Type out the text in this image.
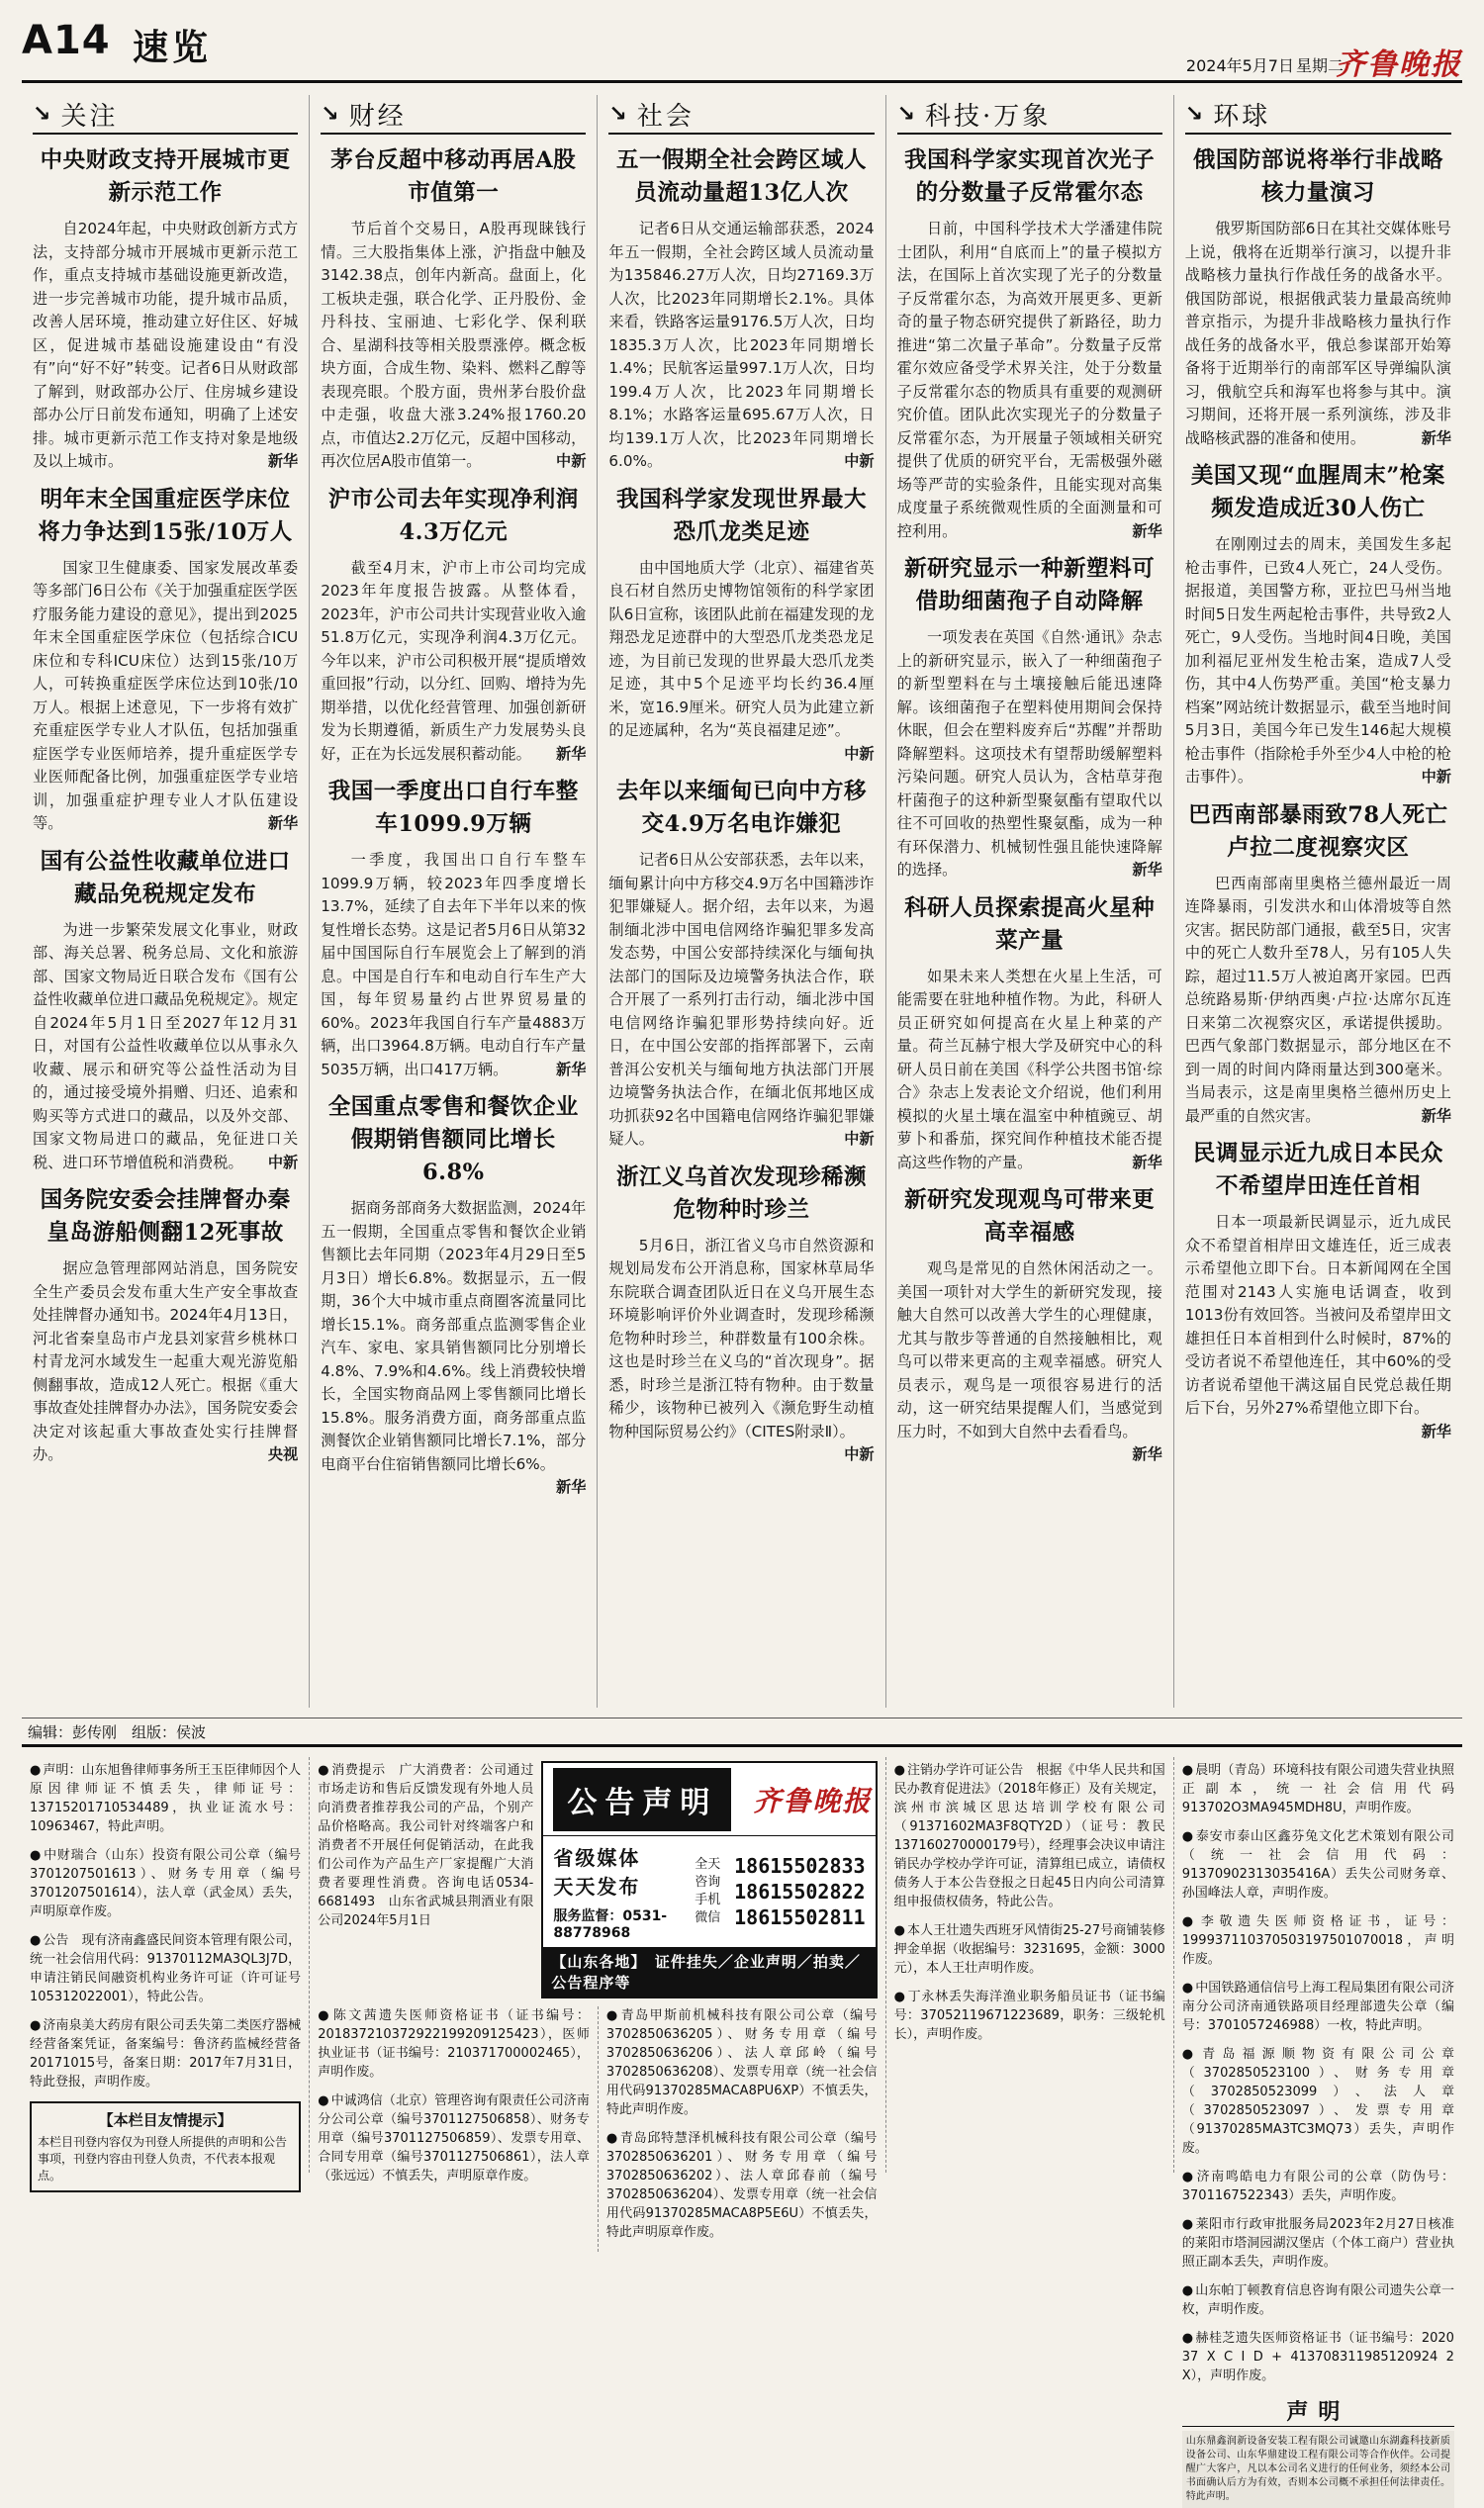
A14 速览	2024年5月7日 星期二
齐鲁晚报
↘ 关注
中央财政支持开展城市更新示范工作
自2024年起，中央财政创新方式方法，支持部分城市开展城市更新示范工作，重点支持城市基础设施更新改造，进一步完善城市功能，提升城市品质，改善人居环境，推动建立好住区、好城区，促进城市基础设施建设由“有没有”向“好不好”转变。记者6日从财政部了解到，财政部办公厅、住房城乡建设部办公厅日前发布通知，明确了上述安排。城市更新示范工作支持对象是地级及以上城市。	新华
明年末全国重症医学床位将力争达到15张/10万人
国家卫生健康委、国家发展改革委等多部门6日公布《关于加强重症医学医疗服务能力建设的意见》，提出到2025年末全国重症医学床位（包括综合ICU床位和专科ICU床位）达到15张/10万人，可转换重症医学床位达到10张/10万人。根据上述意见，下一步将有效扩充重症医学专业人才队伍，包括加强重症医学专业医师培养，提升重症医学专业医师配备比例，加强重症医学专业培训，加强重症护理专业人才队伍建设等。	新华
国有公益性收藏单位进口藏品免税规定发布
为进一步繁荣发展文化事业，财政部、海关总署、税务总局、文化和旅游部、国家文物局近日联合发布《国有公益性收藏单位进口藏品免税规定》。规定自2024年5月1日至2027年12月31日，对国有公益性收藏单位以从事永久收藏、展示和研究等公益性活动为目的，通过接受境外捐赠、归还、追索和购买等方式进口的藏品，以及外交部、国家文物局进口的藏品，免征进口关税、进口环节增值税和消费税。 中新
国务院安委会挂牌督办秦皇岛游船侧翻12死事故
据应急管理部网站消息，国务院安全生产委员会发布重大生产安全事故查处挂牌督办通知书。2024年4月13日，河北省秦皇岛市卢龙县刘家营乡桃林口村青龙河水域发生一起重大观光游览船侧翻事故，造成12人死亡。根据《重大事故查处挂牌督办办法》，国务院安委会决定对该起重大事故查处实行挂牌督办。	央视
↘ 财经
茅台反超中移动再居A股市值第一
节后首个交易日，A股再现睐钱行情。三大股指集体上涨，沪指盘中触及3142.38点，创年内新高。盘面上，化工板块走强，联合化学、正丹股份、金丹科技、宝丽迪、七彩化学、保利联合、星湖科技等相关股票涨停。概念板块方面，合成生物、染料、燃料乙醇等表现亮眼。个股方面，贵州茅台股价盘中走强，收盘大涨3.24%报1760.20点，市值达2.2万亿元，反超中国移动，再次位居A股市值第一。	中新
沪市公司去年实现净利润4.3万亿元
截至4月末，沪市上市公司均完成2023年年度报告披露。从整体看，2023年，沪市公司共计实现营业收入逾51.8万亿元，实现净利润4.3万亿元。今年以来，沪市公司积极开展“提质增效重回报”行动，以分红、回购、增持为先期举措，以优化经营管理、加强创新研发为长期遵循，新质生产力发展势头良好，正在为长远发展积蓄动能。 新华
我国一季度出口自行车整车1099.9万辆
一季度，我国出口自行车整车1099.9万辆，较2023年四季度增长13.7%，延续了自去年下半年以来的恢复性增长态势。这是记者5月6日从第32届中国国际自行车展览会上了解到的消息。中国是自行车和电动自行车生产大国，每年贸易量约占世界贸易量的60%。2023年我国自行车产量4883万辆，出口3964.8万辆。电动自行车产量5035万辆，出口417万辆。	新华
全国重点零售和餐饮企业假期销售额同比增长6.8%
据商务部商务大数据监测，2024年五一假期，全国重点零售和餐饮企业销售额比去年同期（2023年4月29日至5月3日）增长6.8%。数据显示，五一假期，36个大中城市重点商圈客流量同比增长15.1%。商务部重点监测零售企业汽车、家电、家具销售额同比分别增长4.8%、7.9%和4.6%。线上消费较快增长，全国实物商品网上零售额同比增长15.8%。服务消费方面，商务部重点监测餐饮企业销售额同比增长7.1%，部分电商平台住宿销售额同比增长6%。
新华
↘ 社会
五一假期全社会跨区域人员流动量超13亿人次
记者6日从交通运输部获悉，2024年五一假期，全社会跨区域人员流动量为135846.27万人次，日均27169.3万人次，比2023年同期增长2.1%。具体来看，铁路客运量9176.5万人次，日均1835.3万人次，比2023年同期增长1.4%；民航客运量997.1万人次，日均199.4万人次，比2023年同期增长8.1%；水路客运量695.67万人次，日均139.1万人次，比2023年同期增长6.0%。	中新
我国科学家发现世界最大恐爪龙类足迹
由中国地质大学（北京）、福建省英良石材自然历史博物馆领衔的科学家团队6日宣称，该团队此前在福建发现的龙翔恐龙足迹群中的大型恐爪龙类恐龙足迹，为目前已发现的世界最大恐爪龙类足迹，其中5个足迹平均长约36.4厘米，宽16.9厘米。研究人员为此建立新的足迹属种，名为“英良福建足迹”。
中新
去年以来缅甸已向中方移交4.9万名电诈嫌犯
记者6日从公安部获悉，去年以来，缅甸累计向中方移交4.9万名中国籍涉诈犯罪嫌疑人。据介绍，去年以来，为遏制缅北涉中国电信网络诈骗犯罪多发高发态势，中国公安部持续深化与缅甸执法部门的国际及边境警务执法合作，联合开展了一系列打击行动，缅北涉中国电信网络诈骗犯罪形势持续向好。近日，在中国公安部的指挥部署下，云南普洱公安机关与缅甸地方执法部门开展边境警务执法合作，在缅北佤邦地区成功抓获92名中国籍电信网络诈骗犯罪嫌疑人。	中新
浙江义乌首次发现珍稀濒危物种时珍兰
5月6日，浙江省义乌市自然资源和规划局发布公开消息称，国家林草局华东院联合调查团队近日在义乌开展生态环境影响评价外业调查时，发现珍稀濒危物种时珍兰，种群数量有100余株。这也是时珍兰在义乌的“首次现身”。据悉，时珍兰是浙江特有物种。由于数量稀少，该物种已被列入《濒危野生动植物种国际贸易公约》（CITES附录Ⅱ）。
中新
↘ 科技·万象
我国科学家实现首次光子的分数量子反常霍尔态
日前，中国科学技术大学潘建伟院士团队，利用“自底而上”的量子模拟方法，在国际上首次实现了光子的分数量子反常霍尔态，为高效开展更多、更新奇的量子物态研究提供了新路径，助力推进“第二次量子革命”。分数量子反常霍尔效应备受学术界关注，处于分数量子反常霍尔态的物质具有重要的观测研究价值。团队此次实现光子的分数量子反常霍尔态，为开展量子领域相关研究提供了优质的研究平台，无需极强外磁场等严苛的实验条件，且能实现对高集成度量子系统微观性质的全面测量和可控利用。	新华
新研究显示一种新塑料可借助细菌孢子自动降解
一项发表在英国《自然·通讯》杂志上的新研究显示，嵌入了一种细菌孢子的新型塑料在与土壤接触后能迅速降解。该细菌孢子在塑料使用期间会保持休眠，但会在塑料废弃后“苏醒”并帮助降解塑料。这项技术有望帮助缓解塑料污染问题。研究人员认为，含枯草芽孢杆菌孢子的这种新型聚氨酯有望取代以往不可回收的热塑性聚氨酯，成为一种有环保潜力、机械韧性强且能快速降解的选择。	新华
科研人员探索提高火星种菜产量
如果未来人类想在火星上生活，可能需要在驻地种植作物。为此，科研人员正研究如何提高在火星上种菜的产量。荷兰瓦赫宁根大学及研究中心的科研人员日前在美国《科学公共图书馆·综合》杂志上发表论文介绍说，他们利用模拟的火星土壤在温室中种植豌豆、胡萝卜和番茄，探究间作种植技术能否提高这些作物的产量。	新华
新研究发现观鸟可带来更高幸福感
观鸟是常见的自然休闲活动之一。美国一项针对大学生的新研究发现，接触大自然可以改善大学生的心理健康，尤其与散步等普通的自然接触相比，观鸟可以带来更高的主观幸福感。研究人员表示，观鸟是一项很容易进行的活动，这一研究结果提醒人们，当感觉到压力时，不如到大自然中去看看鸟。
新华
↘ 环球
俄国防部说将举行非战略核力量演习
俄罗斯国防部6日在其社交媒体账号上说，俄将在近期举行演习，以提升非战略核力量执行作战任务的战备水平。俄国防部说，根据俄武装力量最高统帅普京指示，为提升非战略核力量执行作战任务的战备水平，俄总参谋部开始筹备将于近期举行的南部军区导弹编队演习，俄航空兵和海军也将参与其中。演习期间，还将开展一系列演练，涉及非战略核武器的准备和使用。	新华
美国又现“血腥周末”枪案频发造成近30人伤亡
在刚刚过去的周末，美国发生多起枪击事件，已致4人死亡，24人受伤。据报道，美国警方称，亚拉巴马州当地时间5日发生两起枪击事件，共导致2人死亡，9人受伤。当地时间4日晚，美国加利福尼亚州发生枪击案，造成7人受伤，其中4人伤势严重。美国“枪支暴力档案”网站统计数据显示，截至当地时间5月3日，美国今年已发生146起大规模枪击事件（指除枪手外至少4人中枪的枪击事件）。	中新
巴西南部暴雨致78人死亡卢拉二度视察灾区
巴西南部南里奥格兰德州最近一周连降暴雨，引发洪水和山体滑坡等自然灾害。据民防部门通报，截至5日，灾害中的死亡人数升至78人，另有105人失踪，超过11.5万人被迫离开家园。巴西总统路易斯·伊纳西奥·卢拉·达席尔瓦连日来第二次视察灾区，承诺提供援助。巴西气象部门数据显示，部分地区在不到一周的时间内降雨量达到300毫米。当局表示，这是南里奥格兰德州历史上最严重的自然灾害。	新华
民调显示近九成日本民众不希望岸田连任首相
日本一项最新民调显示，近九成民众不希望首相岸田文雄连任，近三成表示希望他立即下台。日本新闻网在全国范围对2143人实施电话调查，收到1013份有效回答。当被问及希望岸田文雄担任日本首相到什么时候时，87%的受访者说不希望他连任，其中60%的受访者说希望他干满这届自民党总裁任期后下台，另外27%希望他立即下台。
新华
编辑：彭传刚　组版：侯波
● 声明：山东旭鲁律师事务所王玉臣律师因个人原因律师证不慎丢失，律师证号：13715201710534489，执业证流水号：10963467，特此声明。
● 中财瑞合（山东）投资有限公司公章（编号3701207501613）、财务专用章（编号3701207501614），法人章（武金凤）丢失，声明原章作废。
● 公告　现有济南鑫盛民间资本管理有限公司，统一社会信用代码：91370112MA3QL3J7D，申请注销民间融资机构业务许可证（许可证号105312022001），特此公告。
● 济南泉美大药房有限公司丢失第二类医疗器械经营备案凭证，备案编号：鲁济药监械经营备20171015号，备案日期：2017年7月31日，特此登报，声明作废。
【本栏目友情提示】
本栏目刊登内容仅为刊登人所提供的声明和公告事项，刊登内容由刊登人负责，不代表本报观点。
● 消费提示　广大消费者：公司通过市场走访和售后反馈发现有外地人员向消费者推荐我公司的产品，个别产品价格略高。我公司针对终端客户和消费者不开展任何促销活动，在此我们公司作为产品生产厂家提醒广大消费者要理性消费。咨询电话0534-6681493　山东省武城县荆酒业有限公司2024年5月1日
公告声明	齐鲁晚报
省级媒体　天天发布
服务监督：0531-88778968
全天咨询手机微信
18615502833
18615502822
18615502811
【山东各地】　证件挂失／企业声明／拍卖／公告程序等
● 陈文茜遗失医师资格证书（证书编号：201837210372922199209125423），医师执业证书（证书编号：210371700002465），声明作废。
● 中诚鸿信（北京）管理咨询有限责任公司济南分公司公章（编号3701127506858）、财务专用章（编号3701127506859）、发票专用章、合同专用章（编号3701127506861），法人章（张远远）不慎丢失，声明原章作废。
● 青岛甲斯前机械科技有限公司公章（编号3702850636205）、财务专用章（编号3702850636206）、法人章邱岭（编号3702850636208）、发票专用章（统一社会信用代码91370285MACA8PU6XP）不慎丢失，特此声明作废。
● 青岛邱特慧泽机械科技有限公司公章（编号3702850636201）、财务专用章（编号3702850636202）、法人章邱春前（编号3702850636204）、发票专用章（统一社会信用代码91370285MACA8P5E6U）不慎丢失，特此声明原章作废。
● 注销办学许可证公告　根据《中华人民共和国民办教育促进法》（2018年修正）及有关规定，滨州市滨城区思达培训学校有限公司（91371602MA3F8QTY2D）（证号：教民137160270000179号），经理事会决议申请注销民办学校办学许可证，清算组已成立，请债权债务人于本公告登报之日起45日内向公司清算组申报债权债务，特此公告。
● 本人王壮遗失西班牙风情街25-27号商铺装修押金单据（收据编号：3231695，金额：3000元），本人王壮声明作废。
● 丁永林丢失海洋渔业职务船员证书（证书编号：37052119671223689，职务：三级轮机长），声明作废。
● 晨明（青岛）环境科技有限公司遗失营业执照正副本，统一社会信用代码913702O3MA945MDH8U，声明作废。
● 泰安市泰山区鑫芬兔文化艺术策划有限公司（统一社会信用代码：91370902313035416A）丢失公司财务章、孙国峰法人章，声明作废。
● 李敬遗失医师资格证书，证号：199937110370503197501070018，声明作废。
● 中国铁路通信信号上海工程局集团有限公司济南分公司济南通铁路项目经理部遗失公章（编号：3701057246988）一枚，特此声明。
● 青岛福源顺物资有限公司公章（3702850523100）、财务专用章（3702850523099）、法人章（3702850523097）、发票专用章（91370285MA3TC3MQ73）丢失，声明作废。
● 济南鸣皓电力有限公司的公章（防伪号：3701167522343）丢失，声明作废。
● 莱阳市行政审批服务局2023年2月27日核准的莱阳市塔洞园湖汉堡店（个体工商户）营业执照正副本丢失，声明作废。
● 山东帕丁顿教育信息咨询有限公司遗失公章一枚，声明作废。
● 赫桂芝遗失医师资格证书（证书编号：2020 37 X C I D + 413708311985120924 2 X），声明作废。
声明
山东鼎鑫润新设备安装工程有限公司诚邀山东湖鑫科技新质设备公司、山东华鼎建设工程有限公司等合作伙伴。公司提醒广大客户，凡以本公司名义进行的任何业务，须经本公司书面确认后方为有效，否则本公司概不承担任何法律责任。特此声明。
